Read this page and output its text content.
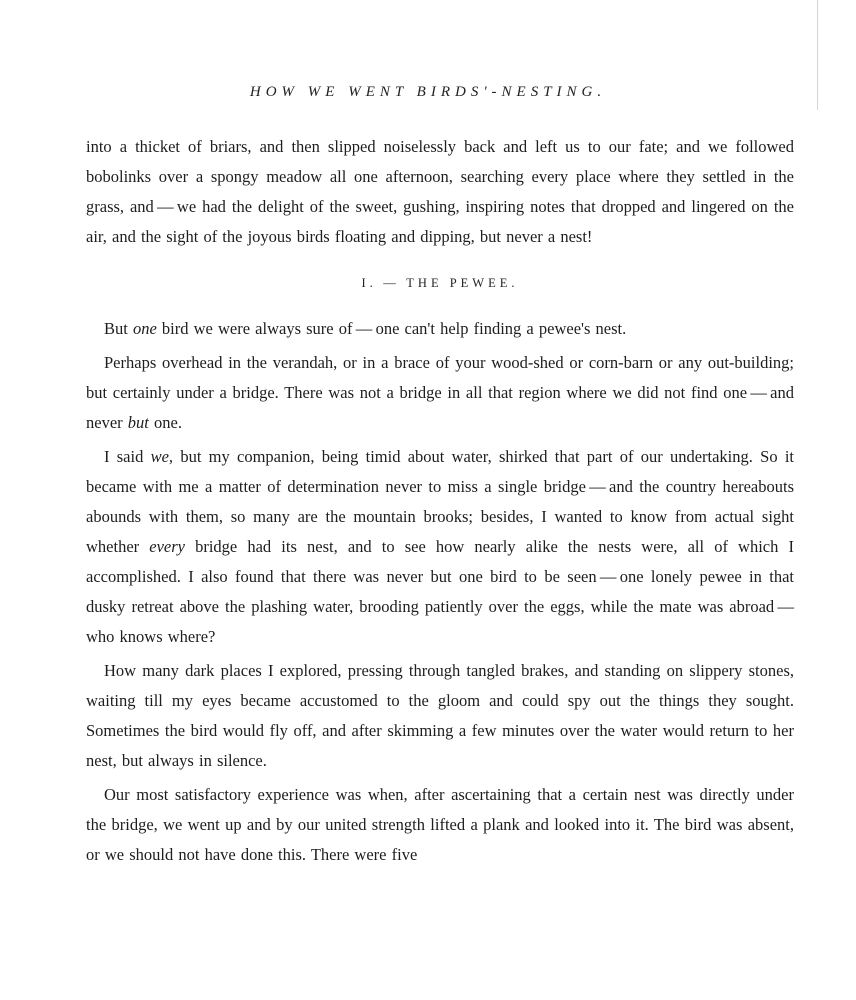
HOW WE WENT BIRDS'-NESTING.

into a thicket of briars, and then slipped noiselessly back and left us to our fate; and we followed bobolinks over a spongy meadow all one afternoon, searching every place where they settled in the grass, and — we had the delight of the sweet, gushing, inspiring notes that dropped and lingered on the air, and the sight of the joyous birds floating and dipping, but never a nest!

I. — THE PEWEE.

But one bird we were always sure of — one can't help finding a pewee's nest.

Perhaps overhead in the verandah, or in a brace of your wood-shed or corn-barn or any out-building; but certainly under a bridge. There was not a bridge in all that region where we did not find one — and never but one.

I said we, but my companion, being timid about water, shirked that part of our undertaking. So it became with me a matter of determination never to miss a single bridge — and the country hereabouts abounds with them, so many are the mountain brooks; besides, I wanted to know from actual sight whether every bridge had its nest, and to see how nearly alike the nests were, all of which I accomplished. I also found that there was never but one bird to be seen — one lonely pewee in that dusky retreat above the plashing water, brooding patiently over the eggs, while the mate was abroad — who knows where?

How many dark places I explored, pressing through tangled brakes, and standing on slippery stones, waiting till my eyes became accustomed to the gloom and could spy out the things they sought. Sometimes the bird would fly off, and after skimming a few minutes over the water would return to her nest, but always in silence.

Our most satisfactory experience was when, after ascertaining that a certain nest was directly under the bridge, we went up and by our united strength lifted a plank and looked into it. The bird was absent, or we should not have done this. There were five
